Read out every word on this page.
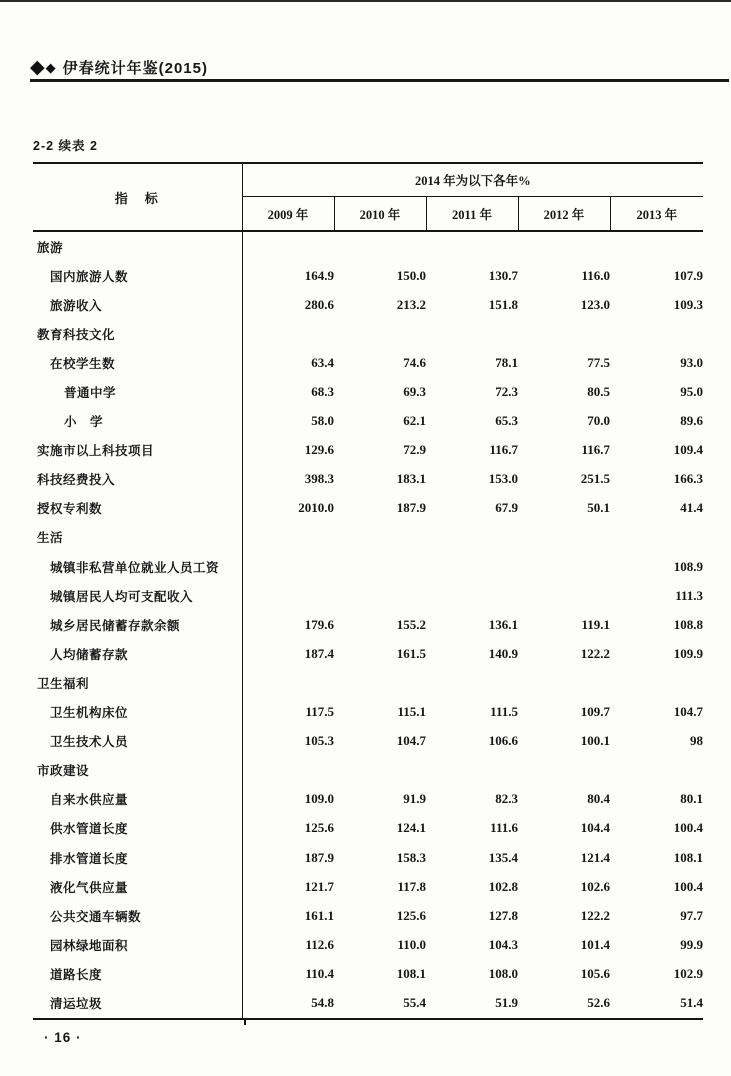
◆ ◆ 伊春统计年鉴(2015)
2-2 续表 2
指　标	2014 年为以下各年%				
	2009 年	2010 年	2011 年	2012 年	2013 年
旅游					
国内旅游人数	164.9	150.0	130.7	116.0	107.9
旅游收入	280.6	213.2	151.8	123.0	109.3
教育科技文化					
在校学生数	63.4	74.6	78.1	77.5	93.0
普通中学	68.3	69.3	72.3	80.5	95.0
小　学	58.0	62.1	65.3	70.0	89.6
实施市以上科技项目	129.6	72.9	116.7	116.7	109.4
科技经费投入	398.3	183.1	153.0	251.5	166.3
授权专利数	2010.0	187.9	67.9	50.1	41.4
生活					
城镇非私营单位就业人员工资					108.9
城镇居民人均可支配收入					111.3
城乡居民储蓄存款余额	179.6	155.2	136.1	119.1	108.8
人均储蓄存款	187.4	161.5	140.9	122.2	109.9
卫生福利					
卫生机构床位	117.5	115.1	111.5	109.7	104.7
卫生技术人员	105.3	104.7	106.6	100.1	98
市政建设					
自来水供应量	109.0	91.9	82.3	80.4	80.1
供水管道长度	125.6	124.1	111.6	104.4	100.4
排水管道长度	187.9	158.3	135.4	121.4	108.1
液化气供应量	121.7	117.8	102.8	102.6	100.4
公共交通车辆数	161.1	125.6	127.8	122.2	97.7
园林绿地面积	112.6	110.0	104.3	101.4	99.9
道路长度	110.4	108.1	108.0	105.6	102.9
清运垃圾	54.8	55.4	51.9	52.6	51.4
· 16 ·
